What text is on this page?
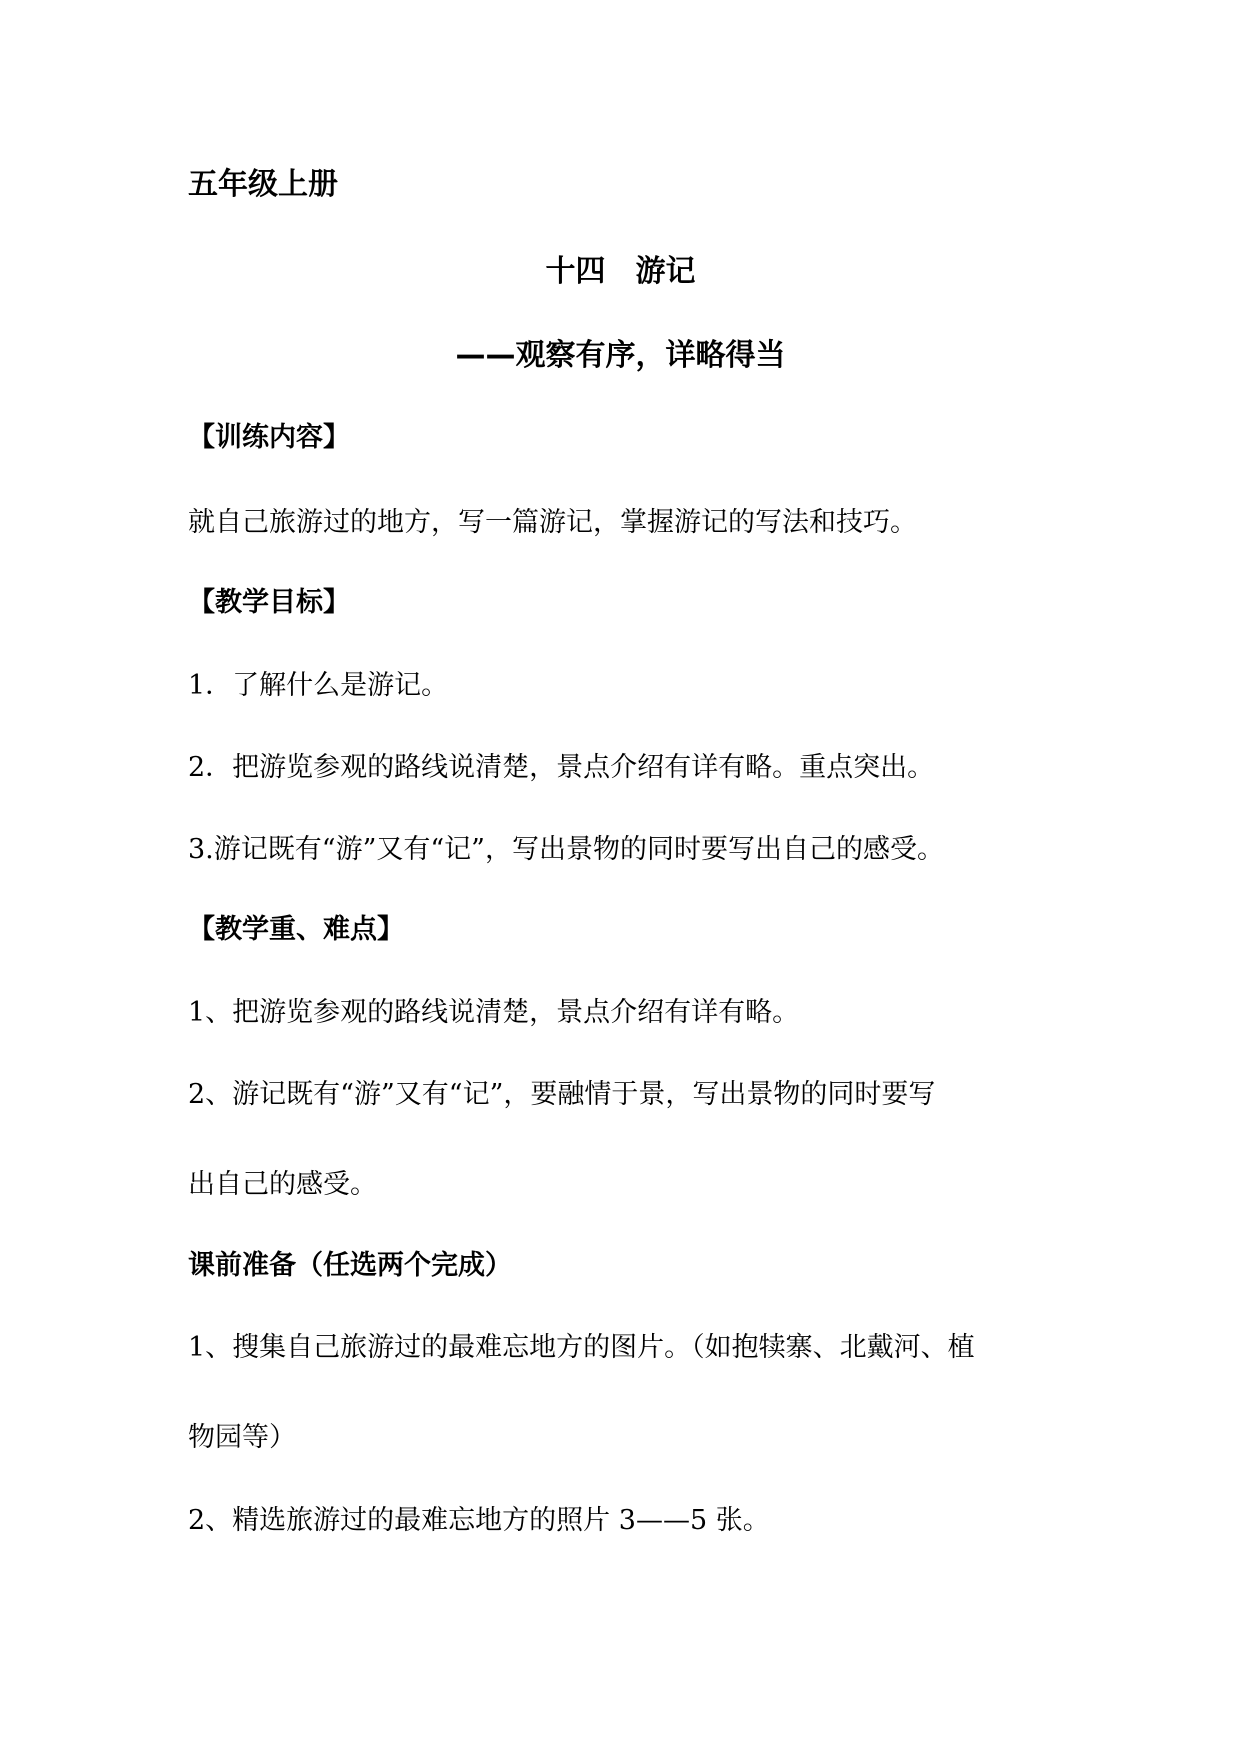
五年级上册
十四 游记
——观察有序，详略得当
【训练内容】
就自己旅游过的地方，写一篇游记，掌握游记的写法和技巧。
【教学目标】
1．了解什么是游记。
2．把游览参观的路线说清楚，景点介绍有详有略。重点突出。
3.游记既有“游”又有“记”，写出景物的同时要写出自己的感受。
【教学重、难点】
1、把游览参观的路线说清楚，景点介绍有详有略。
2、游记既有“游”又有“记”，要融情于景，写出景物的同时要写
出自己的感受。
课前准备（任选两个完成）
1、搜集自己旅游过的最难忘地方的图片。（如抱犊寨、北戴河、植
物园等）
2、精选旅游过的最难忘地方的照片 3——5 张。
